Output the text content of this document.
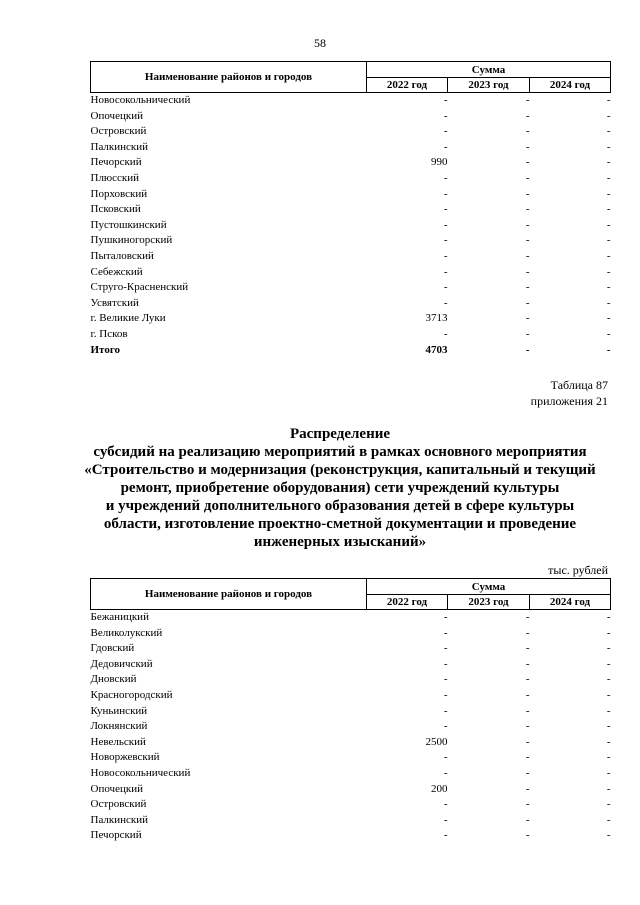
58
Наименование районов и городов	Сумма		
	2022 год	2023 год	2024 год
Новосокольнический	-	-	-
Опочецкий	-	-	-
Островский	-	-	-
Палкинский	-	-	-
Печорский	990	-	-
Плюсский	-	-	-
Порховский	-	-	-
Псковский	-	-	-
Пустошкинский	-	-	-
Пушкиногорский	-	-	-
Пыталовский	-	-	-
Себежский	-	-	-
Струго-Красненский	-	-	-
Усвятский	-	-	-
г. Великие Луки	3713	-	-
г. Псков	-	-	-
Итого	4703	-	-
Таблица 87
приложения 21
Распределение
субсидий на реализацию мероприятий в рамках основного мероприятия
«Строительство и модернизация (реконструкция, капитальный и текущий
ремонт, приобретение оборудования) сети учреждений культуры
и учреждений дополнительного образования детей в сфере культуры
области, изготовление проектно-сметной документации и проведение
инженерных изысканий»
тыс. рублей
Наименование районов и городов	Сумма		
	2022 год	2023 год	2024 год
Бежаницкий	-	-	-
Великолукский	-	-	-
Гдовский	-	-	-
Дедовичский	-	-	-
Дновский	-	-	-
Красногородский	-	-	-
Куньинский	-	-	-
Локнянский	-	-	-
Невельский	2500	-	-
Новоржевский	-	-	-
Новосокольнический	-	-	-
Опочецкий	200	-	-
Островский	-	-	-
Палкинский	-	-	-
Печорский	-	-	-
